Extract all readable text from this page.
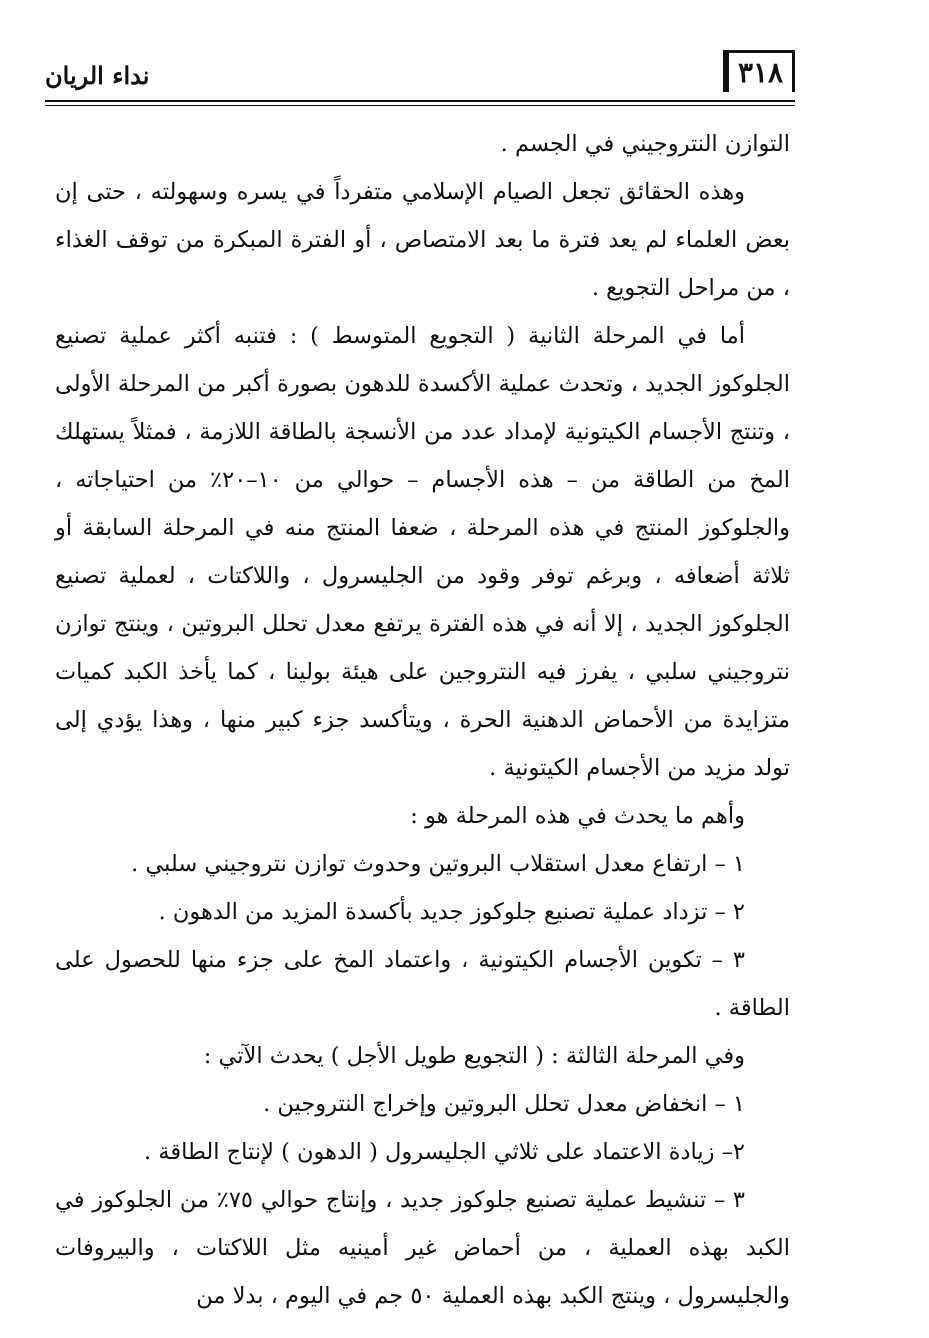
٣١٨
نداء الريان

التوازن النتروجيني في الجسم .

وهذه الحقائق تجعل الصيام الإسلامي متفرداً في يسره وسهولته ، حتى إن بعض العلماء لم يعد فترة ما بعد الامتصاص ، أو الفترة المبكرة من توقف الغذاء ، من مراحل التجويع .

أما في المرحلة الثانية ( التجويع المتوسط ) : فتنبه أكثر عملية تصنيع الجلوكوز الجديد ، وتحدث عملية الأكسدة للدهون بصورة أكبر من المرحلة الأولى ، وتنتج الأجسام الكيتونية لإمداد عدد من الأنسجة بالطاقة اللازمة ، فمثلاً يستهلك المخ من الطاقة من – هذه الأجسام – حوالي من ١٠–٢٠٪ من احتياجاته ، والجلوكوز المنتج في هذه المرحلة ، ضعفا المنتج منه في المرحلة السابقة أو ثلاثة أضعافه ، وبرغم توفر وقود من الجليسرول ، واللاكتات ، لعملية تصنيع الجلوكوز الجديد ، إلا أنه في هذه الفترة يرتفع معدل تحلل البروتين ، وينتج توازن نتروجيني سلبي ، يفرز فيه النتروجين على هيئة بولينا ، كما يأخذ الكبد كميات متزايدة من الأحماض الدهنية الحرة ، ويتأكسد جزء كبير منها ، وهذا يؤدي إلى تولد مزيد من الأجسام الكيتونية .

وأهم ما يحدث في هذه المرحلة هو :

١ – ارتفاع معدل استقلاب البروتين وحدوث توازن نتروجيني سلبي .

٢ – تزداد عملية تصنيع جلوكوز جديد بأكسدة المزيد من الدهون .

٣ – تكوين الأجسام الكيتونية ، واعتماد المخ على جزء منها للحصول على الطاقة .

وفي المرحلة الثالثة : ( التجويع طويل الأجل ) يحدث الآتي :

١ – انخفاض معدل تحلل البروتين وإخراج النتروجين .

٢– زيادة الاعتماد على ثلاثي الجليسرول ( الدهون ) لإنتاج الطاقة .

٣ – تنشيط عملية تصنيع جلوكوز جديد ، وإنتاج حوالي ٧٥٪ من الجلوكوز في الكبد بهذه العملية ، من أحماض غير أمينيه مثل اللاكتات ، والبيروفات والجليسرول ، وينتج الكبد بهذه العملية ٥٠ جم في اليوم ، بدلا من
